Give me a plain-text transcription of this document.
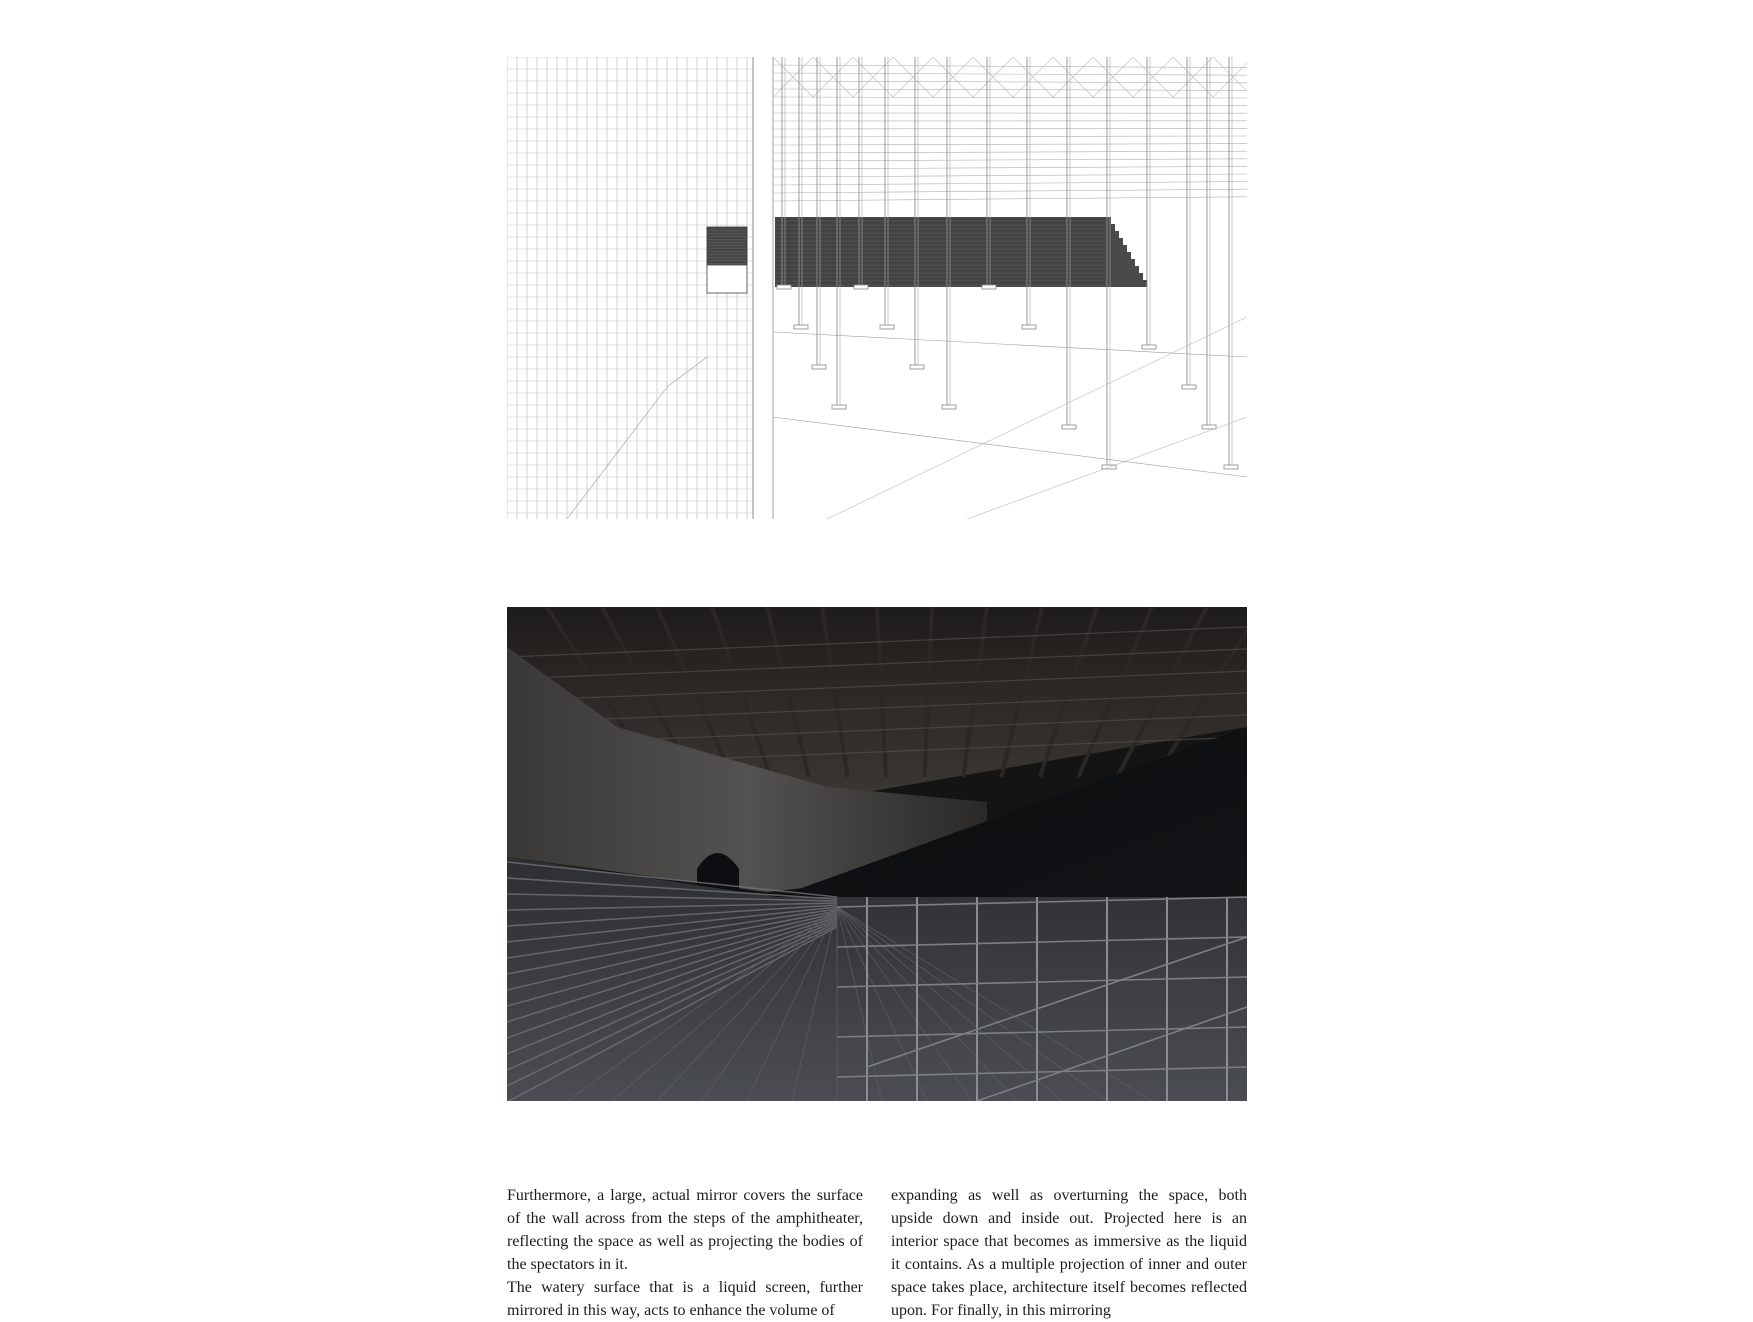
Furthermore, a large, actual mirror covers the surface of the wall across from the steps of the amphitheater, reflecting the space as well as projecting the bodies of the spectators in it.

The watery surface that is a liquid screen, further mirrored in this way, acts to enhance the volume of

expanding as well as overturning the space, both upside down and inside out. Projected here is an interior space that becomes as immersive as the liquid it contains. As a multiple projection of inner and outer space takes place, architecture itself becomes reflected upon. For finally, in this mirroring
